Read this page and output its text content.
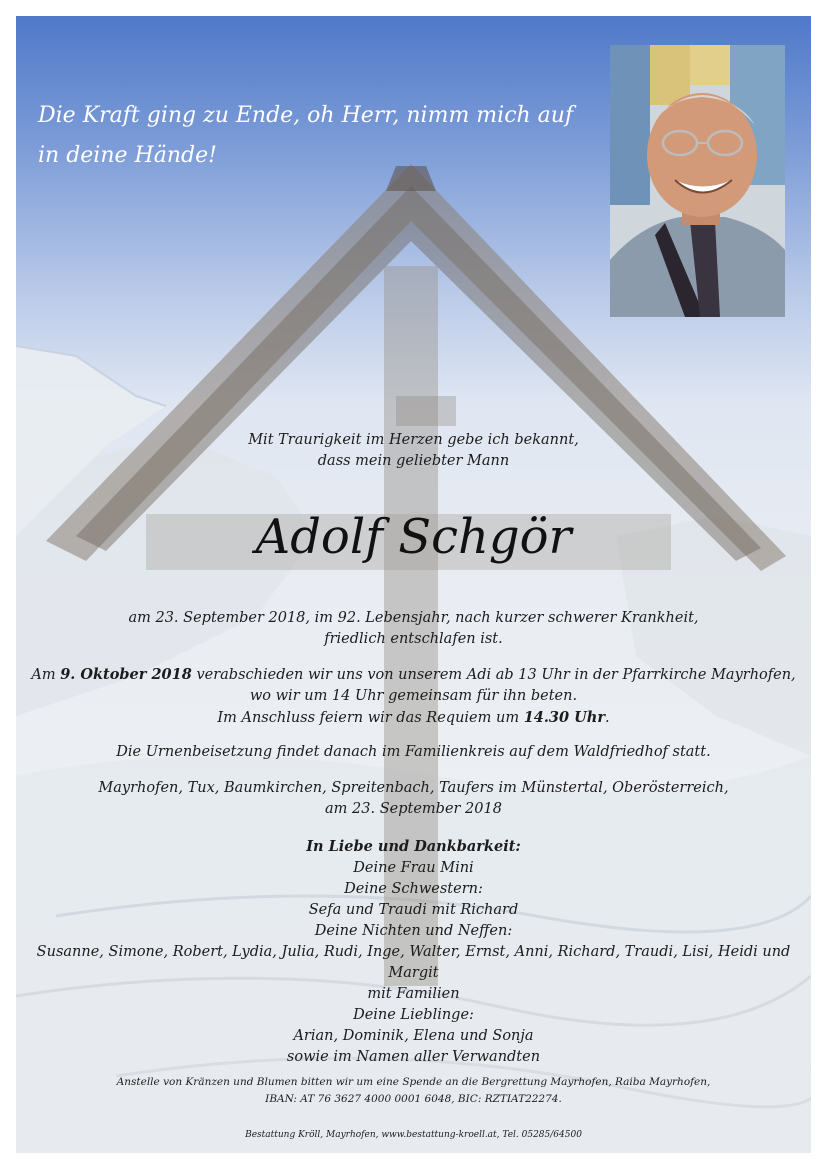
Die Kraft ging zu Ende, oh Herr, nimm mich auf
in deine Hände!

Mit Traurigkeit im Herzen gebe ich bekannt,

dass mein geliebter Mann

Adolf Schgör

am 23. September 2018, im 92. Lebensjahr, nach kurzer schwerer Krankheit,

friedlich entschlafen ist.

Am 9. Oktober 2018 verabschieden wir uns von unserem Adi ab 13 Uhr in der Pfarrkirche Mayrhofen,

wo wir um 14 Uhr gemeinsam für ihn beten.

Im Anschluss feiern wir das Requiem um 14.30 Uhr.

Die Urnenbeisetzung findet danach im Familienkreis auf dem Waldfriedhof statt.

Mayrhofen, Tux, Baumkirchen, Spreitenbach, Taufers im Münstertal, Oberösterreich,

am 23. September 2018

In Liebe und Dankbarkeit:

Deine Frau Mini

Deine Schwestern:

Sefa und Traudi mit Richard

Deine Nichten und Neffen:

Susanne, Simone, Robert, Lydia, Julia, Rudi, Inge, Walter, Ernst, Anni, Richard, Traudi, Lisi, Heidi und Margit

mit Familien

Deine Lieblinge:

Arian, Dominik, Elena und Sonja

sowie im Namen aller Verwandten

Anstelle von Kränzen und Blumen bitten wir um eine Spende an die Bergrettung Mayrhofen, Raiba Mayrhofen,

IBAN: AT 76 3627 4000 0001 6048, BIC: RZTIAT22274.

Bestattung Kröll, Mayrhofen, www.bestattung-kroell.at, Tel. 05285/64500
